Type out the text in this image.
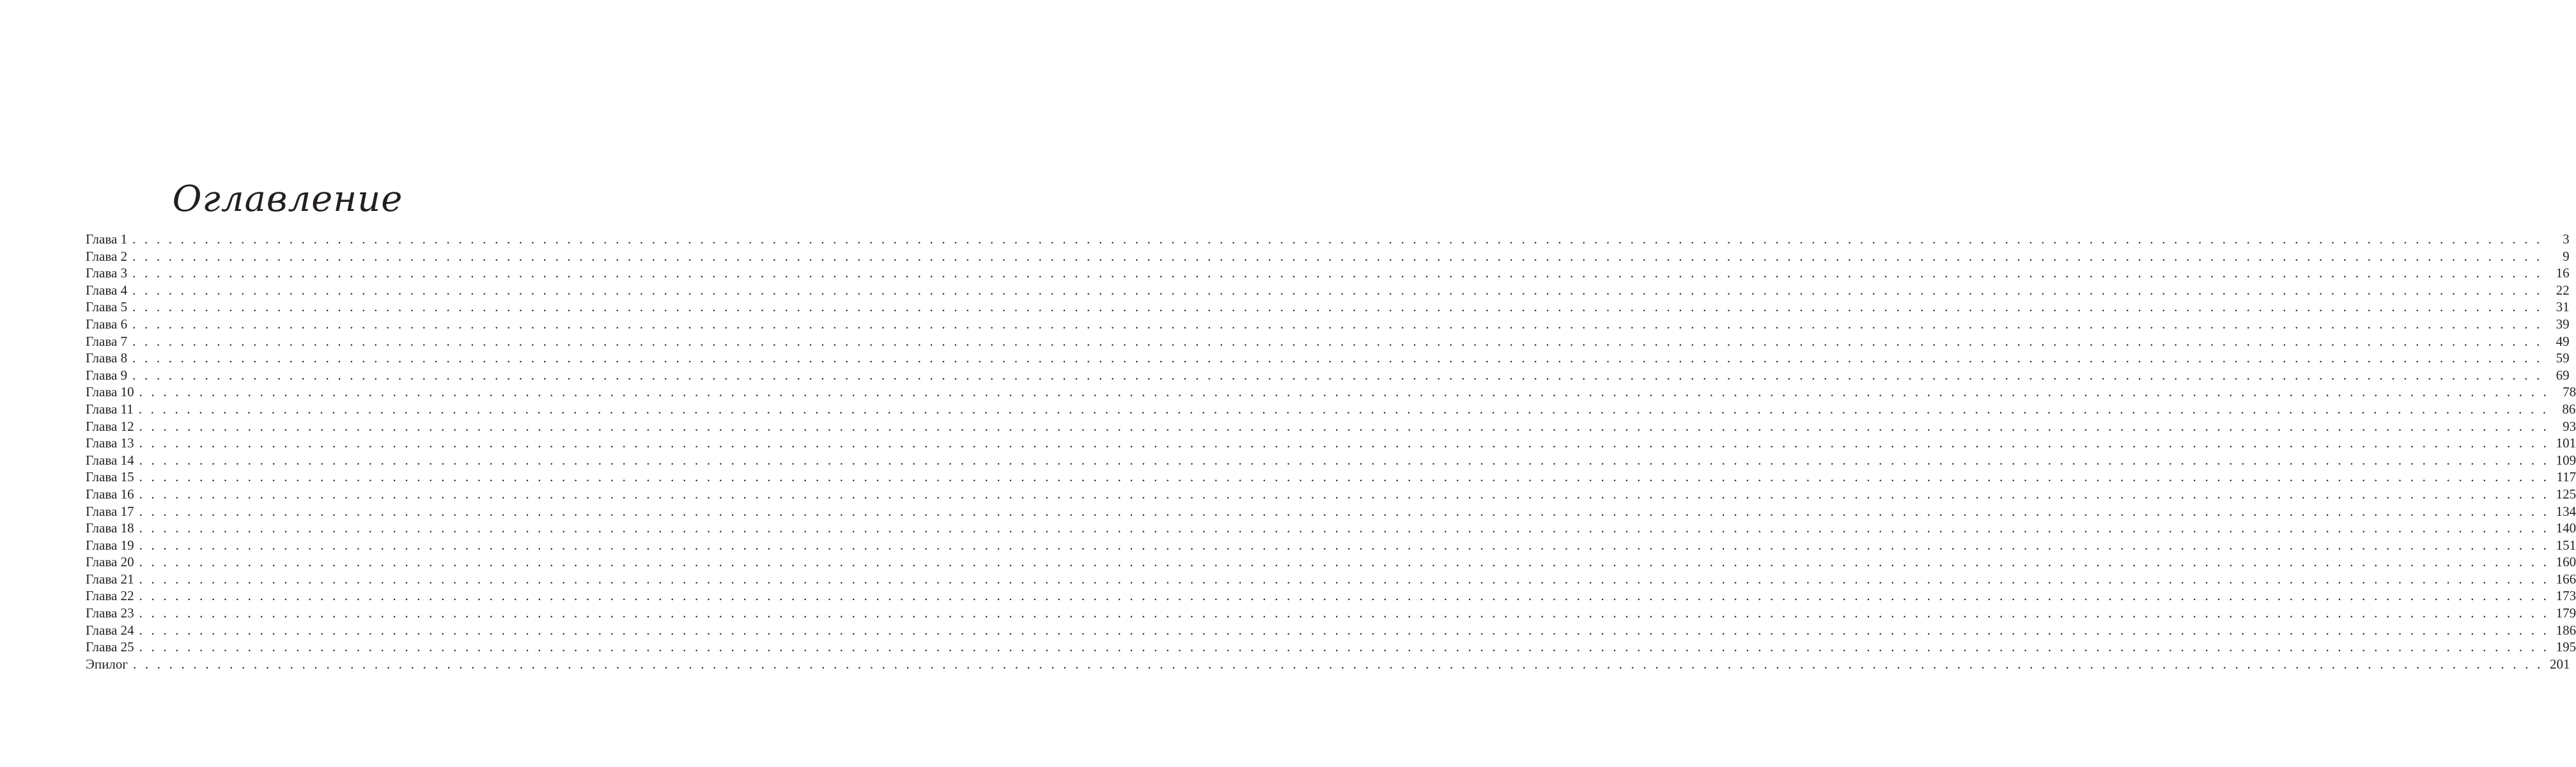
Оглавление
Глава 1 . . . . . . . . . . . . . . . . . . . . . . . . . . . . . . . . . . . . . . . . . . . . . . . . . . . . . . . . . . . . . . . . . . . . . . . . . . . . . . . . . . . . . . . . . . . . . . . . . . . . . . . . . . . . . . . . . . . . . . . . . . . . . . . . . . . . . . . . . . . . . . . . . . . . . . . . . . . . . . . . . . . . . . . . . . . . . . . . . . . . . . . . . . . . . . . . . . . . . . . .	3
Глава 2 . . . . . . . . . . . . . . . . . . . . . . . . . . . . . . . . . . . . . . . . . . . . . . . . . . . . . . . . . . . . . . . . . . . . . . . . . . . . . . . . . . . . . . . . . . . . . . . . . . . . . . . . . . . . . . . . . . . . . . . . . . . . . . . . . . . . . . . . . . . . . . . . . . . . . . . . . . . . . . . . . . . . . . . . . . . . . . . . . . . . . . . . . . . . . . . . . . . . . . . .	9
Глава 3 . . . . . . . . . . . . . . . . . . . . . . . . . . . . . . . . . . . . . . . . . . . . . . . . . . . . . . . . . . . . . . . . . . . . . . . . . . . . . . . . . . . . . . . . . . . . . . . . . . . . . . . . . . . . . . . . . . . . . . . . . . . . . . . . . . . . . . . . . . . . . . . . . . . . . . . . . . . . . . . . . . . . . . . . . . . . . . . . . . . . . . . . . . . . . . . . . . . . . . . .	16
Глава 4 . . . . . . . . . . . . . . . . . . . . . . . . . . . . . . . . . . . . . . . . . . . . . . . . . . . . . . . . . . . . . . . . . . . . . . . . . . . . . . . . . . . . . . . . . . . . . . . . . . . . . . . . . . . . . . . . . . . . . . . . . . . . . . . . . . . . . . . . . . . . . . . . . . . . . . . . . . . . . . . . . . . . . . . . . . . . . . . . . . . . . . . . . . . . . . . . . . . . . . . .	22
Глава 5 . . . . . . . . . . . . . . . . . . . . . . . . . . . . . . . . . . . . . . . . . . . . . . . . . . . . . . . . . . . . . . . . . . . . . . . . . . . . . . . . . . . . . . . . . . . . . . . . . . . . . . . . . . . . . . . . . . . . . . . . . . . . . . . . . . . . . . . . . . . . . . . . . . . . . . . . . . . . . . . . . . . . . . . . . . . . . . . . . . . . . . . . . . . . . . . . . . . . . . . .	31
Глава 6 . . . . . . . . . . . . . . . . . . . . . . . . . . . . . . . . . . . . . . . . . . . . . . . . . . . . . . . . . . . . . . . . . . . . . . . . . . . . . . . . . . . . . . . . . . . . . . . . . . . . . . . . . . . . . . . . . . . . . . . . . . . . . . . . . . . . . . . . . . . . . . . . . . . . . . . . . . . . . . . . . . . . . . . . . . . . . . . . . . . . . . . . . . . . . . . . . . . . . . . .	39
Глава 7 . . . . . . . . . . . . . . . . . . . . . . . . . . . . . . . . . . . . . . . . . . . . . . . . . . . . . . . . . . . . . . . . . . . . . . . . . . . . . . . . . . . . . . . . . . . . . . . . . . . . . . . . . . . . . . . . . . . . . . . . . . . . . . . . . . . . . . . . . . . . . . . . . . . . . . . . . . . . . . . . . . . . . . . . . . . . . . . . . . . . . . . . . . . . . . . . . . . . . . . .	49
Глава 8 . . . . . . . . . . . . . . . . . . . . . . . . . . . . . . . . . . . . . . . . . . . . . . . . . . . . . . . . . . . . . . . . . . . . . . . . . . . . . . . . . . . . . . . . . . . . . . . . . . . . . . . . . . . . . . . . . . . . . . . . . . . . . . . . . . . . . . . . . . . . . . . . . . . . . . . . . . . . . . . . . . . . . . . . . . . . . . . . . . . . . . . . . . . . . . . . . . . . . . . .	59
Глава 9 . . . . . . . . . . . . . . . . . . . . . . . . . . . . . . . . . . . . . . . . . . . . . . . . . . . . . . . . . . . . . . . . . . . . . . . . . . . . . . . . . . . . . . . . . . . . . . . . . . . . . . . . . . . . . . . . . . . . . . . . . . . . . . . . . . . . . . . . . . . . . . . . . . . . . . . . . . . . . . . . . . . . . . . . . . . . . . . . . . . . . . . . . . . . . . . . . . . . . . . .	69
Глава 10 . . . . . . . . . . . . . . . . . . . . . . . . . . . . . . . . . . . . . . . . . . . . . . . . . . . . . . . . . . . . . . . . . . . . . . . . . . . . . . . . . . . . . . . . . . . . . . . . . . . . . . . . . . . . . . . . . . . . . . . . . . . . . . . . . . . . . . . . . . . . . . . . . . . . . . . . . . . . . . . . . . . . . . . . . . . . . . . . . . . . . . . . . . . . . . . . . . . . . . . .	78
Глава 11 . . . . . . . . . . . . . . . . . . . . . . . . . . . . . . . . . . . . . . . . . . . . . . . . . . . . . . . . . . . . . . . . . . . . . . . . . . . . . . . . . . . . . . . . . . . . . . . . . . . . . . . . . . . . . . . . . . . . . . . . . . . . . . . . . . . . . . . . . . . . . . . . . . . . . . . . . . . . . . . . . . . . . . . . . . . . . . . . . . . . . . . . . . . . . . . . . . . . . . . .	86
Глава 12 . . . . . . . . . . . . . . . . . . . . . . . . . . . . . . . . . . . . . . . . . . . . . . . . . . . . . . . . . . . . . . . . . . . . . . . . . . . . . . . . . . . . . . . . . . . . . . . . . . . . . . . . . . . . . . . . . . . . . . . . . . . . . . . . . . . . . . . . . . . . . . . . . . . . . . . . . . . . . . . . . . . . . . . . . . . . . . . . . . . . . . . . . . . . . . . . . . . . . . . .	93
Глава 13 . . . . . . . . . . . . . . . . . . . . . . . . . . . . . . . . . . . . . . . . . . . . . . . . . . . . . . . . . . . . . . . . . . . . . . . . . . . . . . . . . . . . . . . . . . . . . . . . . . . . . . . . . . . . . . . . . . . . . . . . . . . . . . . . . . . . . . . . . . . . . . . . . . . . . . . . . . . . . . . . . . . . . . . . . . . . . . . . . . . . . . . . . . . . . . . . . . . . . . . . 101
Глава 14 . . . . . . . . . . . . . . . . . . . . . . . . . . . . . . . . . . . . . . . . . . . . . . . . . . . . . . . . . . . . . . . . . . . . . . . . . . . . . . . . . . . . . . . . . . . . . . . . . . . . . . . . . . . . . . . . . . . . . . . . . . . . . . . . . . . . . . . . . . . . . . . . . . . . . . . . . . . . . . . . . . . . . . . . . . . . . . . . . . . . . . . . . . . . . . . . . . . . . . . . 109
Глава 15 . . . . . . . . . . . . . . . . . . . . . . . . . . . . . . . . . . . . . . . . . . . . . . . . . . . . . . . . . . . . . . . . . . . . . . . . . . . . . . . . . . . . . . . . . . . . . . . . . . . . . . . . . . . . . . . . . . . . . . . . . . . . . . . . . . . . . . . . . . . . . . . . . . . . . . . . . . . . . . . . . . . . . . . . . . . . . . . . . . . . . . . . . . . . . . . . . . . . . . . . 117
Глава 16 . . . . . . . . . . . . . . . . . . . . . . . . . . . . . . . . . . . . . . . . . . . . . . . . . . . . . . . . . . . . . . . . . . . . . . . . . . . . . . . . . . . . . . . . . . . . . . . . . . . . . . . . . . . . . . . . . . . . . . . . . . . . . . . . . . . . . . . . . . . . . . . . . . . . . . . . . . . . . . . . . . . . . . . . . . . . . . . . . . . . . . . . . . . . . . . . . . . . . . . . 125
Глава 17 . . . . . . . . . . . . . . . . . . . . . . . . . . . . . . . . . . . . . . . . . . . . . . . . . . . . . . . . . . . . . . . . . . . . . . . . . . . . . . . . . . . . . . . . . . . . . . . . . . . . . . . . . . . . . . . . . . . . . . . . . . . . . . . . . . . . . . . . . . . . . . . . . . . . . . . . . . . . . . . . . . . . . . . . . . . . . . . . . . . . . . . . . . . . . . . . . . . . . . . . 134
Глава 18 . . . . . . . . . . . . . . . . . . . . . . . . . . . . . . . . . . . . . . . . . . . . . . . . . . . . . . . . . . . . . . . . . . . . . . . . . . . . . . . . . . . . . . . . . . . . . . . . . . . . . . . . . . . . . . . . . . . . . . . . . . . . . . . . . . . . . . . . . . . . . . . . . . . . . . . . . . . . . . . . . . . . . . . . . . . . . . . . . . . . . . . . . . . . . . . . . . . . . . . . 140
Глава 19 . . . . . . . . . . . . . . . . . . . . . . . . . . . . . . . . . . . . . . . . . . . . . . . . . . . . . . . . . . . . . . . . . . . . . . . . . . . . . . . . . . . . . . . . . . . . . . . . . . . . . . . . . . . . . . . . . . . . . . . . . . . . . . . . . . . . . . . . . . . . . . . . . . . . . . . . . . . . . . . . . . . . . . . . . . . . . . . . . . . . . . . . . . . . . . . . . . . . . . . . 151
Глава 20 . . . . . . . . . . . . . . . . . . . . . . . . . . . . . . . . . . . . . . . . . . . . . . . . . . . . . . . . . . . . . . . . . . . . . . . . . . . . . . . . . . . . . . . . . . . . . . . . . . . . . . . . . . . . . . . . . . . . . . . . . . . . . . . . . . . . . . . . . . . . . . . . . . . . . . . . . . . . . . . . . . . . . . . . . . . . . . . . . . . . . . . . . . . . . . . . . . . . . . . . 160
Глава 21 . . . . . . . . . . . . . . . . . . . . . . . . . . . . . . . . . . . . . . . . . . . . . . . . . . . . . . . . . . . . . . . . . . . . . . . . . . . . . . . . . . . . . . . . . . . . . . . . . . . . . . . . . . . . . . . . . . . . . . . . . . . . . . . . . . . . . . . . . . . . . . . . . . . . . . . . . . . . . . . . . . . . . . . . . . . . . . . . . . . . . . . . . . . . . . . . . . . . . . . . 166
Глава 22 . . . . . . . . . . . . . . . . . . . . . . . . . . . . . . . . . . . . . . . . . . . . . . . . . . . . . . . . . . . . . . . . . . . . . . . . . . . . . . . . . . . . . . . . . . . . . . . . . . . . . . . . . . . . . . . . . . . . . . . . . . . . . . . . . . . . . . . . . . . . . . . . . . . . . . . . . . . . . . . . . . . . . . . . . . . . . . . . . . . . . . . . . . . . . . . . . . . . . . . . 173
Глава 23 . . . . . . . . . . . . . . . . . . . . . . . . . . . . . . . . . . . . . . . . . . . . . . . . . . . . . . . . . . . . . . . . . . . . . . . . . . . . . . . . . . . . . . . . . . . . . . . . . . . . . . . . . . . . . . . . . . . . . . . . . . . . . . . . . . . . . . . . . . . . . . . . . . . . . . . . . . . . . . . . . . . . . . . . . . . . . . . . . . . . . . . . . . . . . . . . . . . . . . . . 179
Глава 24 . . . . . . . . . . . . . . . . . . . . . . . . . . . . . . . . . . . . . . . . . . . . . . . . . . . . . . . . . . . . . . . . . . . . . . . . . . . . . . . . . . . . . . . . . . . . . . . . . . . . . . . . . . . . . . . . . . . . . . . . . . . . . . . . . . . . . . . . . . . . . . . . . . . . . . . . . . . . . . . . . . . . . . . . . . . . . . . . . . . . . . . . . . . . . . . . . . . . . . . . 186
Глава 25 . . . . . . . . . . . . . . . . . . . . . . . . . . . . . . . . . . . . . . . . . . . . . . . . . . . . . . . . . . . . . . . . . . . . . . . . . . . . . . . . . . . . . . . . . . . . . . . . . . . . . . . . . . . . . . . . . . . . . . . . . . . . . . . . . . . . . . . . . . . . . . . . . . . . . . . . . . . . . . . . . . . . . . . . . . . . . . . . . . . . . . . . . . . . . . . . . . . . . . . . 195
Эпилог . . . . . . . . . . . . . . . . . . . . . . . . . . . . . . . . . . . . . . . . . . . . . . . . . . . . . . . . . . . . . . . . . . . . . . . . . . . . . . . . . . . . . . . . . . . . . . . . . . . . . . . . . . . . . . . . . . . . . . . . . . . . . . . . . . . . . . . . . . . . . . . . . . . . . . . . . . . . . . . . . . . . . . . . . . . . . . . . . . . . . . . . . . . . . . . . . . . . . . . . 201
